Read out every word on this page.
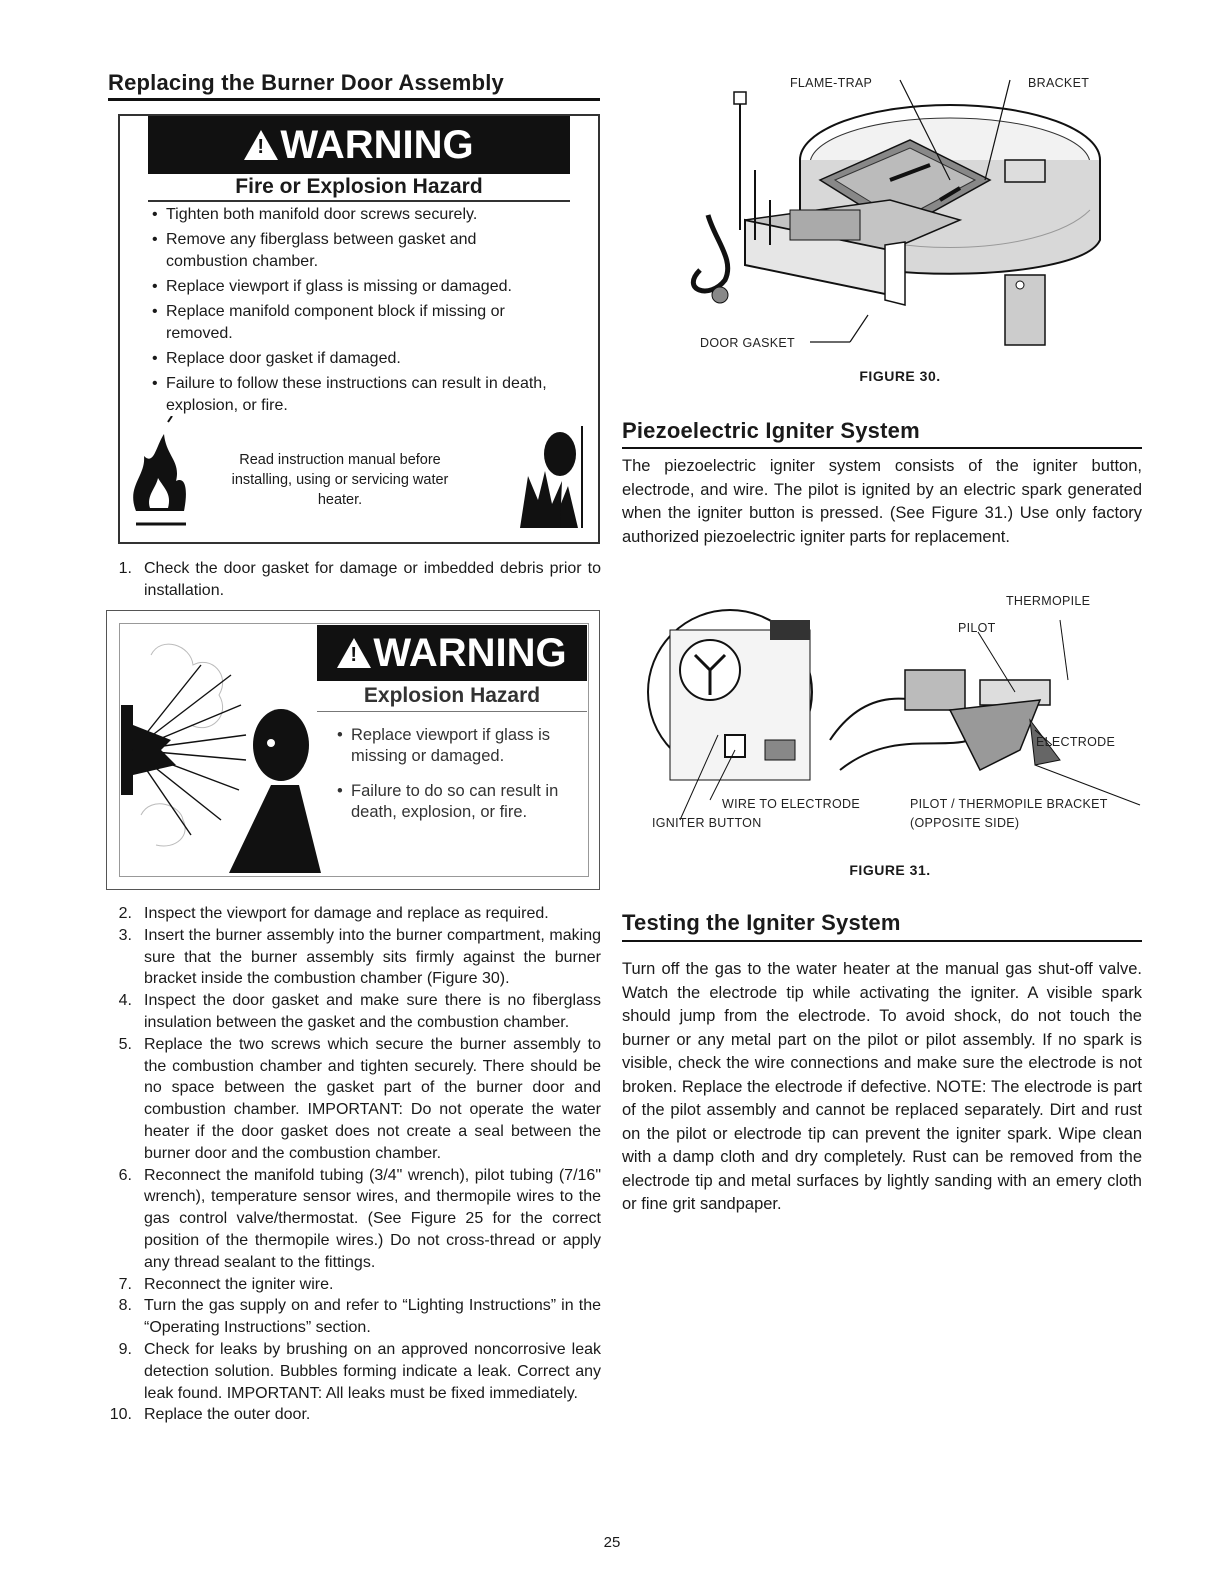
Replacing the Burner Door Assembly
! WARNING
Fire or Explosion Hazard
• Tighten both manifold door screws securely.
• Remove any fiberglass between gasket and combustion chamber.
• Replace viewport if glass is missing or damaged.
• Replace manifold component block if missing or removed.
• Replace door gasket if damaged.
• Failure to follow these instructions can result in death, explosion, or fire.
Read instruction manual before installing, using or servicing water heater.
1. Check the door gasket for damage or imbedded debris prior to installation.
! WARNING
Explosion Hazard
• Replace viewport if glass is missing or damaged.
• Failure to do so can result in death, explosion, or fire.
2. Inspect the viewport for damage and replace as required.
3. Insert the burner assembly into the burner compartment, making sure that the burner assembly sits firmly against the burner bracket inside the combustion chamber (Figure 30).
4. Inspect the door gasket and make sure there is no fiberglass insulation between the gasket and the combustion chamber.
5. Replace the two screws which secure the burner assembly to the combustion chamber and tighten securely. There should be no space between the gasket part of the burner door and combustion chamber. IMPORTANT: Do not operate the water heater if the door gasket does not create a seal between the burner door and the combustion chamber.
6. Reconnect the manifold tubing (3/4" wrench), pilot tubing (7/16" wrench), temperature sensor wires, and thermopile wires to the gas control valve/thermostat. (See Figure 25 for the correct position of the thermopile wires.) Do not cross-thread or apply any thread sealant to the fittings.
7. Reconnect the igniter wire.
8. Turn the gas supply on and refer to “Lighting Instructions” in the “Operating Instructions” section.
9. Check for leaks by brushing on an approved noncorrosive leak detection solution. Bubbles forming indicate a leak. Correct any leak found. IMPORTANT: All leaks must be fixed immediately.
10. Replace the outer door.
FLAME-TRAP	BRACKET
DOOR GASKET
FIGURE 30.
Piezoelectric Igniter System

The piezoelectric igniter system consists of the igniter button, electrode, and wire. The pilot is ignited by an electric spark generated when the igniter button is pressed. (See Figure 31.) Use only factory authorized piezoelectric igniter parts for replacement.

THERMOPILE
PILOT
ELECTRODE
WIRE TO ELECTRODE
IGNITER BUTTON
PILOT / THERMOPILE BRACKET
(OPPOSITE SIDE)
FIGURE 31.
Testing the Igniter System

Turn off the gas to the water heater at the manual gas shut-off valve. Watch the electrode tip while activating the igniter. A visible spark should jump from the electrode. To avoid shock, do not touch the burner or any metal part on the pilot or pilot assembly. If no spark is visible, check the wire connections and make sure the electrode is not broken. Replace the electrode if defective. NOTE: The electrode is part of the pilot assembly and cannot be replaced separately. Dirt and rust on the pilot or electrode tip can prevent the igniter spark. Wipe clean with a damp cloth and dry completely. Rust can be removed from the electrode tip and metal surfaces by lightly sanding with an emery cloth or fine grit sandpaper.

25
